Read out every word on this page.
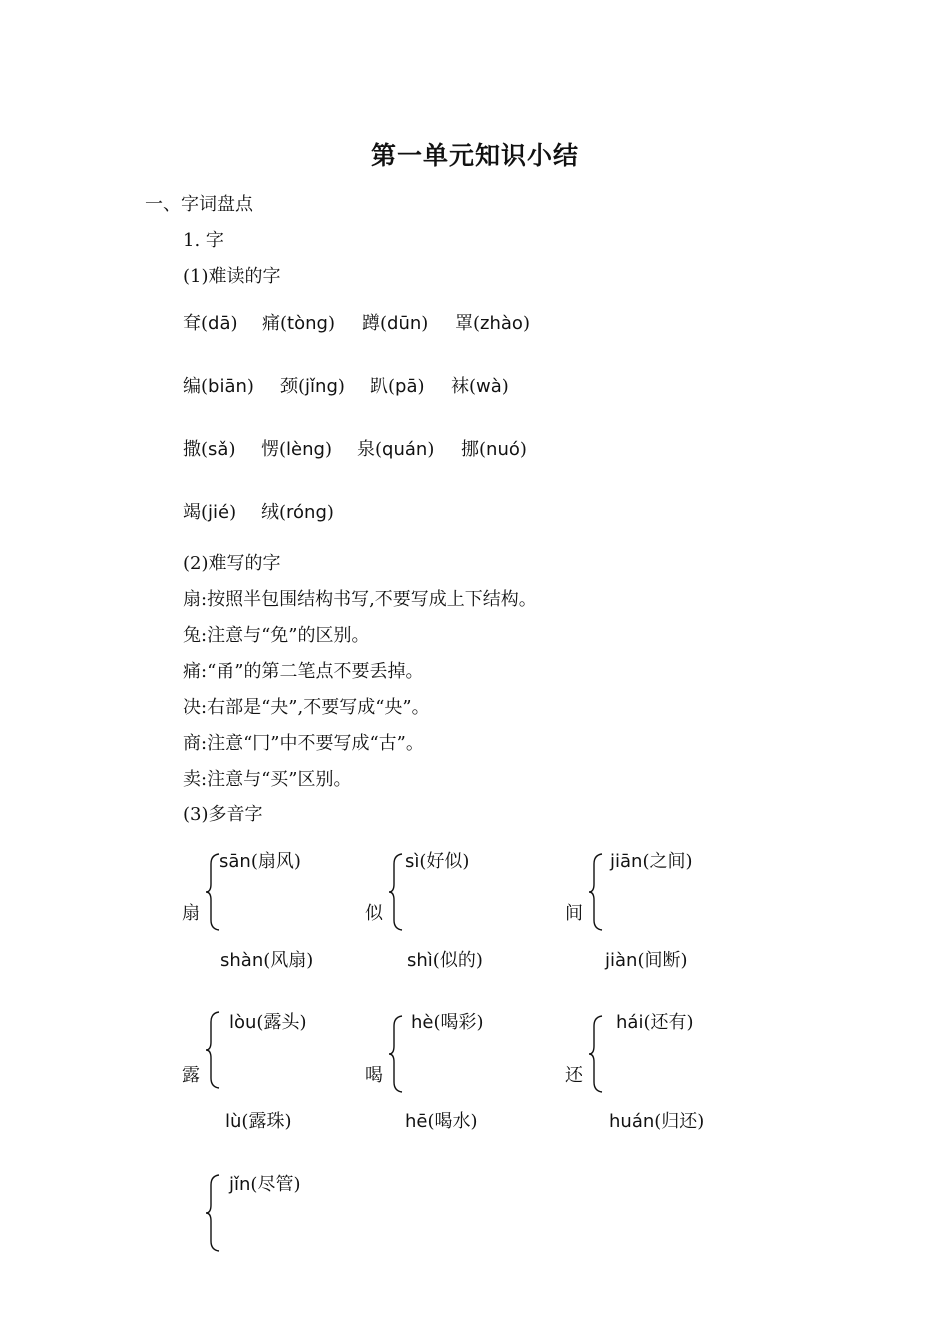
第一单元知识小结
一、字词盘点
1. 字
(1)难读的字
耷(dā) 痛(tòng) 蹲(dūn) 罩(zhào)
编(biān) 颈(jǐng) 趴(pā) 袜(wà)
撒(sǎ) 愣(lèng) 泉(quán) 挪(nuó)
竭(jié) 绒(róng)
(2)难写的字
扇:按照半包围结构书写,不要写成上下结构。
兔:注意与“免”的区别。
痛:“甬”的第二笔点不要丢掉。
决:右部是“夬”,不要写成“央”。
商:注意“冂”中不要写成“古”。
卖:注意与“买”区别。
(3)多音字
扇
sān(扇风)
shàn(风扇)
似
sì(好似)
shì(似的)
间
jiān(之间)
jiàn(间断)
露
lòu(露头)
lù(露珠)
喝
hè(喝彩)
hē(喝水)
还
hái(还有)
huán(归还)
jǐn(尽管)
